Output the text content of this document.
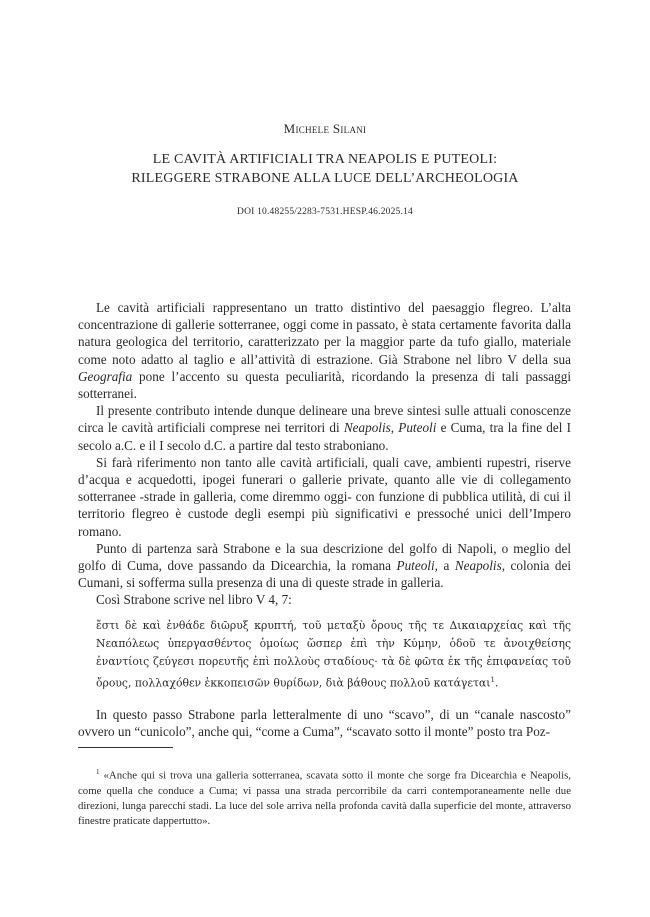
Michele Silani
LE CAVITÀ ARTIFICIALI TRA NEAPOLIS E PUTEOLI:
RILEGGERE STRABONE ALLA LUCE DELL’ARCHEOLOGIA
DOI 10.48255/2283-7531.HESP.46.2025.14

Le cavità artificiali rappresentano un tratto distintivo del paesaggio flegreo. L’alta concentrazione di gallerie sotterranee, oggi come in passato, è stata certamente favorita dalla natura geologica del territorio, caratterizzato per la maggior parte da tufo giallo, materiale come noto adatto al taglio e all’attività di estrazione. Già Strabone nel libro V della sua Geografia pone l’accento su questa peculiarità, ricordando la presenza di tali passaggi sotterranei.

Il presente contributo intende dunque delineare una breve sintesi sulle attuali conoscenze circa le cavità artificiali comprese nei territori di Neapolis, Puteoli e Cuma, tra la fine del I secolo a.C. e il I secolo d.C. a partire dal testo straboniano.

Si farà riferimento non tanto alle cavità artificiali, quali cave, ambienti rupestri, riserve d’acqua e acquedotti, ipogei funerari o gallerie private, quanto alle vie di collegamento sotterranee -strade in galleria, come diremmo oggi- con funzione di pubblica utilità, di cui il territorio flegreo è custode degli esempi più significativi e pressoché unici dell’Impero romano.

Punto di partenza sarà Strabone e la sua descrizione del golfo di Napoli, o meglio del golfo di Cuma, dove passando da Dicearchia, la romana Puteoli, a Neapolis, colonia dei Cumani, si sofferma sulla presenza di una di queste strade in galleria.

Così Strabone scrive nel libro V 4, 7:

ἔστι δὲ καὶ ἐνθάδε διῶρυξ κρυπτή, τοῦ μεταξὺ ὄρους τῆς τε Δικαιαρχείας καὶ τῆς Νεαπόλεως ὑπεργασθέντος ὁμοίως ὥσπερ ἐπὶ τὴν Κύμην, ὁδοῦ τε ἀνοιχθείσης ἐναντίοις ζεύγεσι πορευτῆς ἐπὶ πολλοὺς σταδίους· τὰ δὲ φῶτα ἐκ τῆς ἐπιφανείας τοῦ ὄρους, πολλαχόθεν ἐκκοπεισῶν θυρίδων, διὰ βάθους πολλοῦ κατάγεται$^1$.

In questo passo Strabone parla letteralmente di uno “scavo”, di un “canale nascosto” ovvero un “cunicolo”, anche qui, “come a Cuma”, “scavato sotto il monte” posto tra Poz-

$^1$ «Anche qui si trova una galleria sotterranea, scavata sotto il monte che sorge fra Dicearchia e Neapolis, come quella che conduce a Cuma; vi passa una strada percorribile da carri contemporaneamente nelle due direzioni, lunga parecchi stadi. La luce del sole arriva nella profonda cavità dalla superficie del monte, attraverso finestre praticate dappertutto».
